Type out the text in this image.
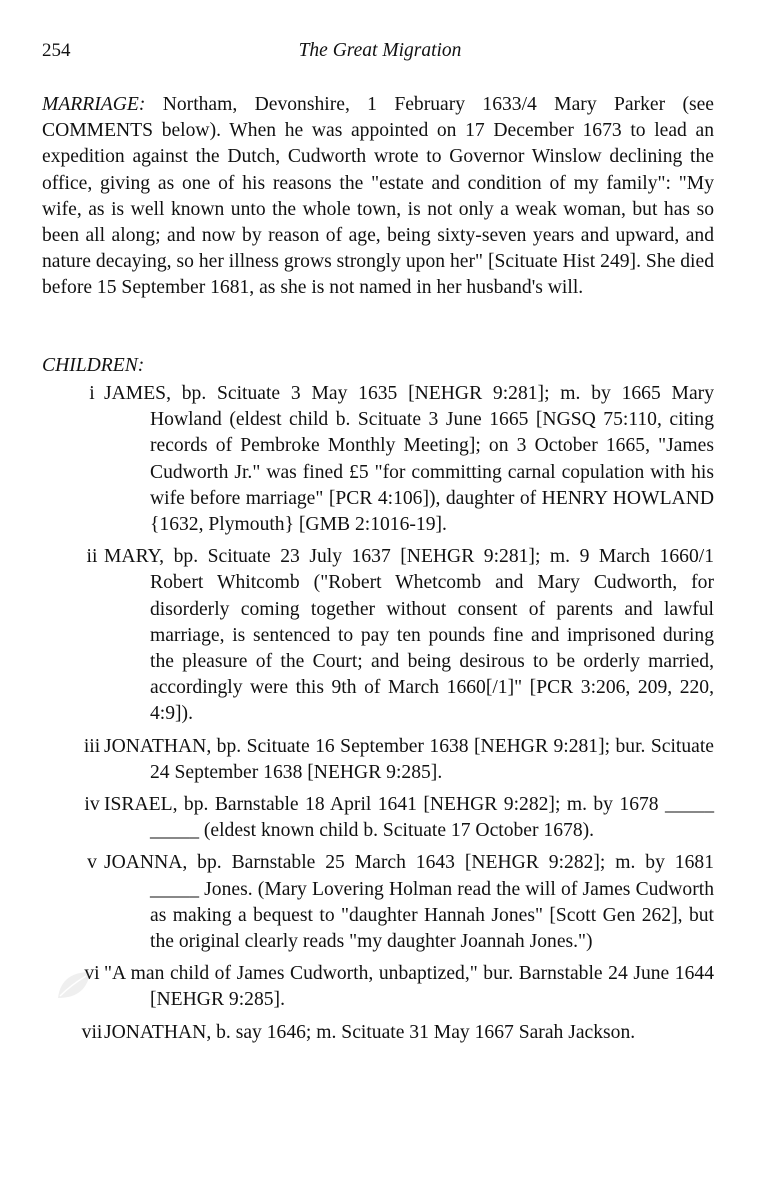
254	The Great Migration

MARRIAGE: Northam, Devonshire, 1 February 1633/4 Mary Parker (see COMMENTS below). When he was appointed on 17 December 1673 to lead an expedition against the Dutch, Cudworth wrote to Governor Winslow declining the office, giving as one of his reasons the "estate and condition of my family": "My wife, as is well known unto the whole town, is not only a weak woman, but has so been all along; and now by reason of age, being sixty-seven years and upward, and nature decaying, so her illness grows strongly upon her" [Scituate Hist 249]. She died before 15 September 1681, as she is not named in her husband's will.

CHILDREN:
i JAMES, bp. Scituate 3 May 1635 [NEHGR 9:281]; m. by 1665 Mary Howland (eldest child b. Scituate 3 June 1665 [NGSQ 75:110, citing records of Pembroke Monthly Meeting]; on 3 October 1665, "James Cudworth Jr." was fined £5 "for committing carnal copulation with his wife before marriage" [PCR 4:106]), daughter of HENRY HOWLAND {1632, Plymouth} [GMB 2:1016-19].
ii MARY, bp. Scituate 23 July 1637 [NEHGR 9:281]; m. 9 March 1660/1 Robert Whitcomb ("Robert Whetcomb and Mary Cudworth, for disorderly coming together without consent of parents and lawful marriage, is sentenced to pay ten pounds fine and imprisoned during the pleasure of the Court; and being desirous to be orderly married, accordingly were this 9th of March 1660[/1]" [PCR 3:206, 209, 220, 4:9]).
iii JONATHAN, bp. Scituate 16 September 1638 [NEHGR 9:281]; bur. Scituate 24 September 1638 [NEHGR 9:285].
iv ISRAEL, bp. Barnstable 18 April 1641 [NEHGR 9:282]; m. by 1678 _____ _____ (eldest known child b. Scituate 17 October 1678).
v JOANNA, bp. Barnstable 25 March 1643 [NEHGR 9:282]; m. by 1681 _____ Jones. (Mary Lovering Holman read the will of James Cudworth as making a bequest to "daughter Hannah Jones" [Scott Gen 262], but the original clearly reads "my daughter Joannah Jones.")
vi "A man child of James Cudworth, unbaptized," bur. Barnstable 24 June 1644 [NEHGR 9:285].
vii JONATHAN, b. say 1646; m. Scituate 31 May 1667 Sarah Jackson.
